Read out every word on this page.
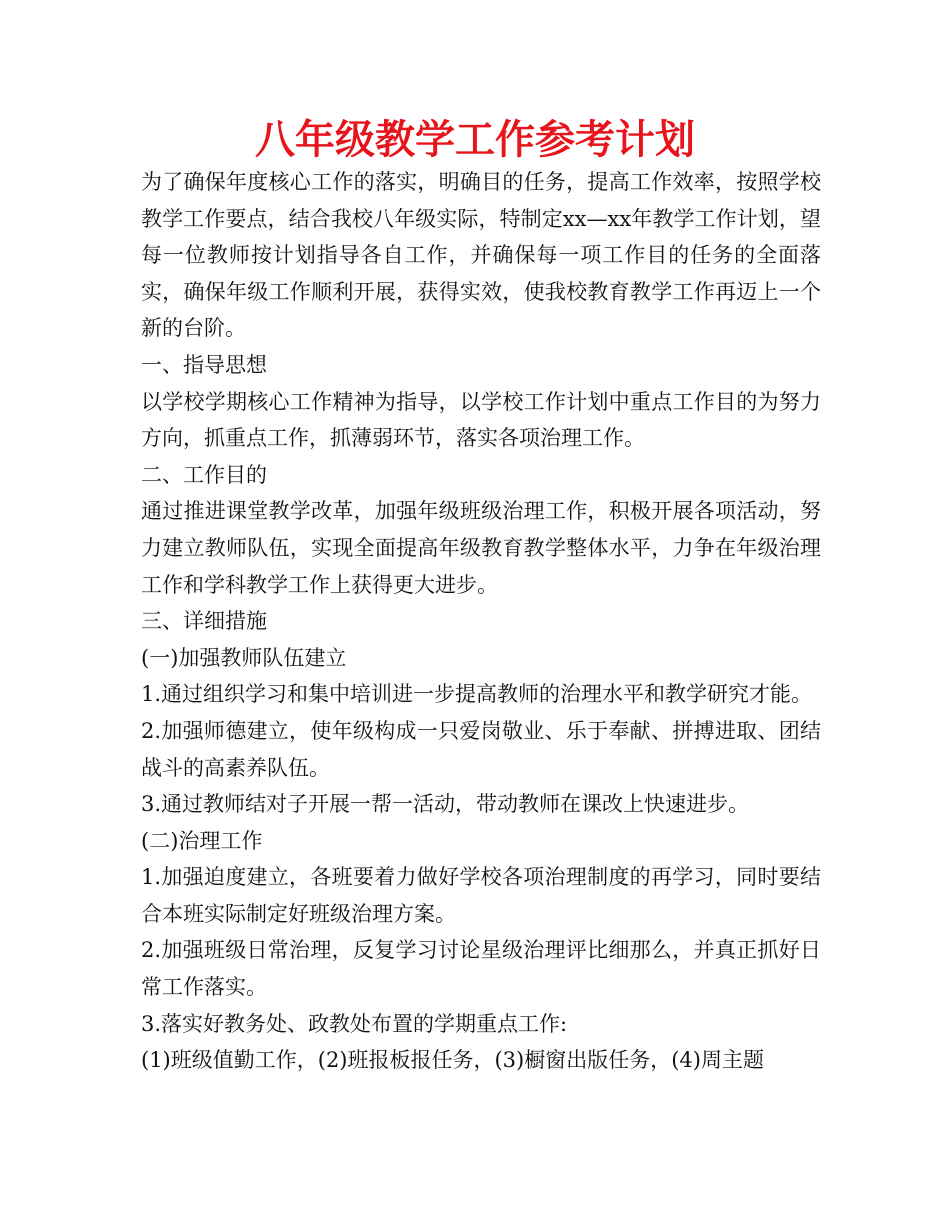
八年级教学工作参考计划

为了确保年度核心工作的落实，明确目的任务，提高工作效率，按照学校教学工作要点，结合我校八年级实际，特制定xx—xx年教学工作计划，望每一位教师按计划指导各自工作，并确保每一项工作目的任务的全面落实，确保年级工作顺利开展，获得实效，使我校教育教学工作再迈上一个新的台阶。

一、指导思想

以学校学期核心工作精神为指导，以学校工作计划中重点工作目的为努力方向，抓重点工作，抓薄弱环节，落实各项治理工作。

二、工作目的

通过推进课堂教学改革，加强年级班级治理工作，积极开展各项活动，努力建立教师队伍，实现全面提高年级教育教学整体水平，力争在年级治理工作和学科教学工作上获得更大进步。

三、详细措施

(一)加强教师队伍建立

1.通过组织学习和集中培训进一步提高教师的治理水平和教学研究才能。

2.加强师德建立，使年级构成一只爱岗敬业、乐于奉献、拼搏进取、团结战斗的高素养队伍。

3.通过教师结对子开展一帮一活动，带动教师在课改上快速进步。

(二)治理工作

1.加强迫度建立，各班要着力做好学校各项治理制度的再学习，同时要结合本班实际制定好班级治理方案。

2.加强班级日常治理，反复学习讨论星级治理评比细那么，并真正抓好日常工作落实。

3.落实好教务处、政教处布置的学期重点工作:

(1)班级值勤工作，(2)班报板报任务，(3)橱窗出版任务，(4)周主题
